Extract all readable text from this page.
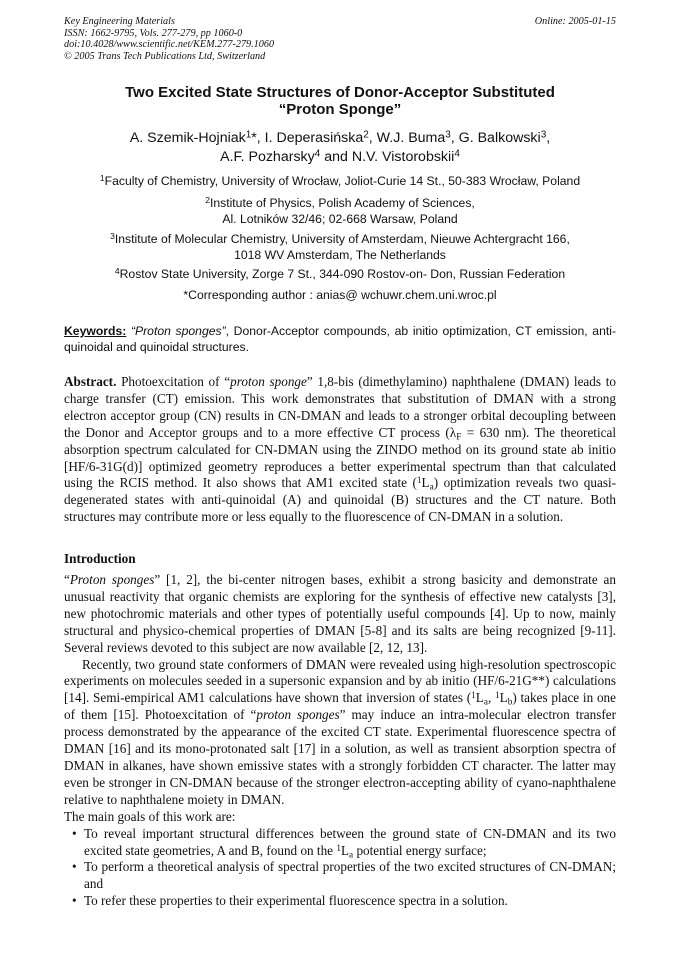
Key Engineering Materials
ISSN: 1662-9795, Vols. 277-279, pp 1060-0
doi:10.4028/www.scientific.net/KEM.277-279.1060
© 2005 Trans Tech Publications Ltd, Switzerland
Online: 2005-01-15
Two Excited State Structures of Donor-Acceptor Substituted
“Proton Sponge”
A. Szemik-Hojniak$^1$*, I. Deperasińska$^2$, W.J. Buma$^3$, G. Balkowski$^3$,
A.F. Pozharsky$^4$ and N.V. Vistorobskii$^4$
$^1$Faculty of Chemistry, University of Wrocław, Joliot-Curie 14 St., 50-383 Wrocław, Poland
$^2$Institute of Physics, Polish Academy of Sciences,
Al. Lotników 32/46; 02-668 Warsaw, Poland
$^3$Institute of Molecular Chemistry, University of Amsterdam, Nieuwe Achtergracht 166,
1018 WV Amsterdam, The Netherlands
$^4$Rostov State University, Zorge 7 St., 344-090 Rostov-on- Don, Russian Federation
*Corresponding author : anias@ wchuwr.chem.uni.wroc.pl
Keywords: “Proton sponges”, Donor-Acceptor compounds, ab initio optimization, CT emission, anti-quinoidal and quinoidal structures.
Abstract. Photoexcitation of “proton sponge” 1,8-bis (dimethylamino) naphthalene (DMAN) leads to charge transfer (CT) emission. This work demonstrates that substitution of DMAN with a strong electron acceptor group (CN) results in CN-DMAN and leads to a stronger orbital decoupling between the Donor and Acceptor groups and to a more effective CT process ($\lambda_F = 630$ nm). The theoretical absorption spectrum calculated for CN-DMAN using the ZINDO method on its ground state ab initio [HF/6-31G(d)] optimized geometry reproduces a better experimental spectrum than that calculated using the RCIS method. It also shows that AM1 excited state $(^1L_a)$ optimization reveals two quasi-degenerated states with anti-quinoidal (A) and quinoidal (B) structures and the CT nature. Both structures may contribute more or less equally to the fluorescence of CN-DMAN in a solution.
Introduction

“Proton sponges” [1, 2], the bi-center nitrogen bases, exhibit a strong basicity and demonstrate an unusual reactivity that organic chemists are exploring for the synthesis of effective new catalysts [3], new photochromic materials and other types of potentially useful compounds [4]. Up to now, mainly structural and physico-chemical properties of DMAN [5-8] and its salts are being recognized [9-11]. Several reviews devoted to this subject are now available [2, 12, 13].

Recently, two ground state conformers of DMAN were revealed using high-resolution spectroscopic experiments on molecules seeded in a supersonic expansion and by ab initio (HF/6-21G**) calculations [14]. Semi-empirical AM1 calculations have shown that inversion of states ($^1L_a$, $^1L_b$) takes place in one of them [15]. Photoexcitation of “proton sponges” may induce an intra-molecular electron transfer process demonstrated by the appearance of the excited CT state. Experimental fluorescence spectra of DMAN [16] and its mono-protonated salt [17] in a solution, as well as transient absorption spectra of DMAN in alkanes, have shown emissive states with a strongly forbidden CT character. The latter may even be stronger in CN-DMAN because of the stronger electron-accepting ability of cyano-naphthalene relative to naphthalene moiety in DMAN.

The main goals of this work are:

• To reveal important structural differences between the ground state of CN-DMAN and its two excited state geometries, A and B, found on the $^1L_a$ potential energy surface;
• To perform a theoretical analysis of spectral properties of the two excited structures of CN-DMAN; and
• To refer these properties to their experimental fluorescence spectra in a solution.
